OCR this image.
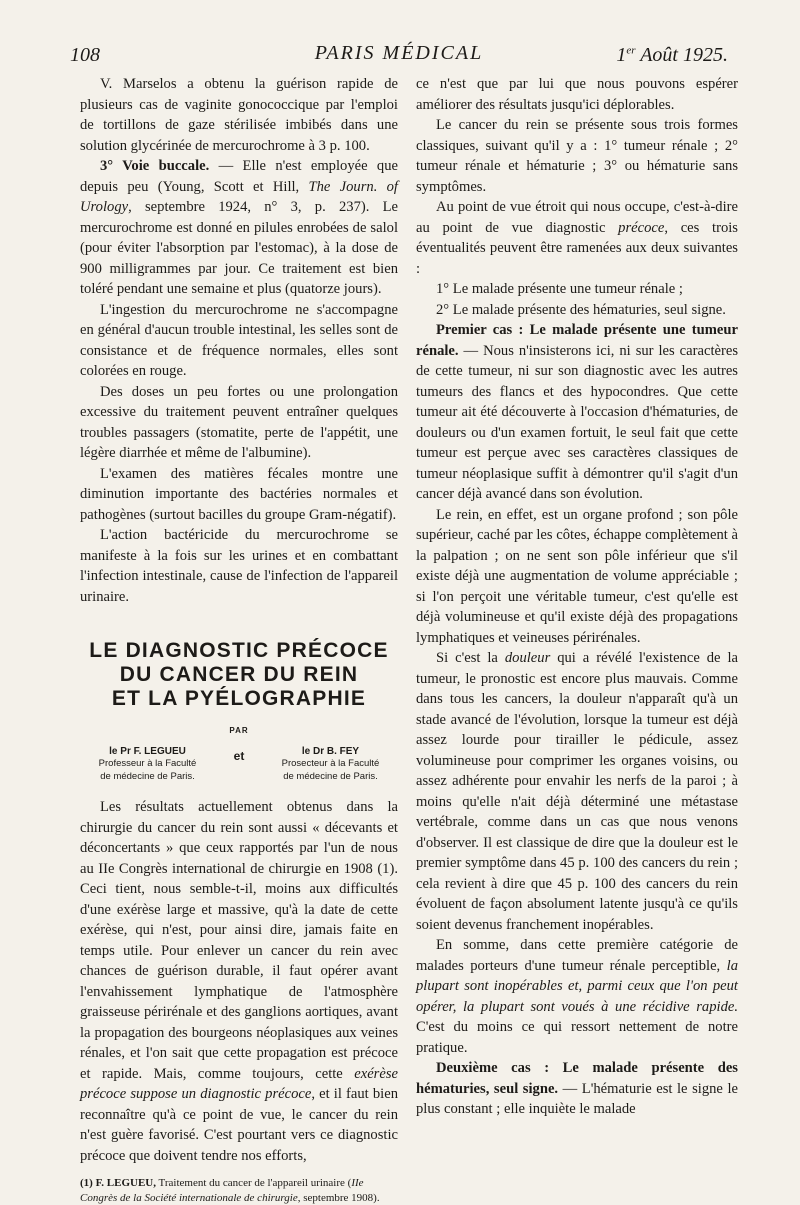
108	PARIS MÉDICAL	1er Août 1925.

V. Marselos a obtenu la guérison rapide de plusieurs cas de vaginite gonococcique par l'emploi de tortillons de gaze stérilisée imbibés dans une solution glycérinée de mercurochrome à 3 p. 100.

3° Voie buccale. — Elle n'est employée que depuis peu (Young, Scott et Hill, The Journ. of Urology, septembre 1924, n° 3, p. 237). Le mercurochrome est donné en pilules enrobées de salol (pour éviter l'absorption par l'estomac), à la dose de 900 milligrammes par jour. Ce traitement est bien toléré pendant une semaine et plus (quatorze jours).

L'ingestion du mercurochrome ne s'accompagne en général d'aucun trouble intestinal, les selles sont de consistance et de fréquence normales, elles sont colorées en rouge.

Des doses un peu fortes ou une prolongation excessive du traitement peuvent entraîner quelques troubles passagers (stomatite, perte de l'appétit, une légère diarrhée et même de l'albumine).

L'examen des matières fécales montre une diminution importante des bactéries normales et pathogènes (surtout bacilles du groupe Gram-négatif).

L'action bactéricide du mercurochrome se manifeste à la fois sur les urines et en combattant l'infection intestinale, cause de l'infection de l'appareil urinaire.

LE DIAGNOSTIC PRÉCOCE
DU CANCER DU REIN
ET LA PYÉLOGRAPHIE
PAR
le Pr F. LEGUEU
Professeur à la Faculté
de médecine de Paris.
et	le Dr B. FEY
Prosecteur à la Faculté
de médecine de Paris.

Les résultats actuellement obtenus dans la chirurgie du cancer du rein sont aussi « décevants et déconcertants » que ceux rapportés par l'un de nous au IIe Congrès international de chirurgie en 1908 (1). Ceci tient, nous semble-t-il, moins aux difficultés d'une exérèse large et massive, qu'à la date de cette exérèse, qui n'est, pour ainsi dire, jamais faite en temps utile. Pour enlever un cancer du rein avec chances de guérison durable, il faut opérer avant l'envahissement lymphatique de l'atmosphère graisseuse périrénale et des ganglions aortiques, avant la propagation des bourgeons néoplasiques aux veines rénales, et l'on sait que cette propagation est précoce et rapide. Mais, comme toujours, cette exérèse précoce suppose un diagnostic précoce, et il faut bien reconnaître qu'à ce point de vue, le cancer du rein n'est guère favorisé. C'est pourtant vers ce diagnostic précoce que doivent tendre nos efforts,

(1) F. LEGUEU, Traitement du cancer de l'appareil urinaire (IIe Congrès de la Société internationale de chirurgie, septembre 1908).

ce n'est que par lui que nous pouvons espérer améliorer des résultats jusqu'ici déplorables.

Le cancer du rein se présente sous trois formes classiques, suivant qu'il y a : 1° tumeur rénale ; 2° tumeur rénale et hématurie ; 3° ou hématurie sans symptômes.

Au point de vue étroit qui nous occupe, c'est-à-dire au point de vue diagnostic précoce, ces trois éventualités peuvent être ramenées aux deux suivantes :

1° Le malade présente une tumeur rénale ;

2° Le malade présente des hématuries, seul signe.

Premier cas : Le malade présente une tumeur rénale. — Nous n'insisterons ici, ni sur les caractères de cette tumeur, ni sur son diagnostic avec les autres tumeurs des flancs et des hypocondres. Que cette tumeur ait été découverte à l'occasion d'hématuries, de douleurs ou d'un examen fortuit, le seul fait que cette tumeur est perçue avec ses caractères classiques de tumeur néoplasique suffit à démontrer qu'il s'agit d'un cancer déjà avancé dans son évolution.

Le rein, en effet, est un organe profond ; son pôle supérieur, caché par les côtes, échappe complètement à la palpation ; on ne sent son pôle inférieur que s'il existe déjà une augmentation de volume appréciable ; si l'on perçoit une véritable tumeur, c'est qu'elle est déjà volumineuse et qu'il existe déjà des propagations lymphatiques et veineuses périrénales.

Si c'est la douleur qui a révélé l'existence de la tumeur, le pronostic est encore plus mauvais. Comme dans tous les cancers, la douleur n'apparaît qu'à un stade avancé de l'évolution, lorsque la tumeur est déjà assez lourde pour tirailler le pédicule, assez volumineuse pour comprimer les organes voisins, ou assez adhérente pour envahir les nerfs de la paroi ; à moins qu'elle n'ait déjà déterminé une métastase vertébrale, comme dans un cas que nous venons d'observer. Il est classique de dire que la douleur est le premier symptôme dans 45 p. 100 des cancers du rein ; cela revient à dire que 45 p. 100 des cancers du rein évoluent de façon absolument latente jusqu'à ce qu'ils soient devenus franchement inopérables.

En somme, dans cette première catégorie de malades porteurs d'une tumeur rénale perceptible, la plupart sont inopérables et, parmi ceux que l'on peut opérer, la plupart sont voués à une récidive rapide. C'est du moins ce qui ressort nettement de notre pratique.

Deuxième cas : Le malade présente des hématuries, seul signe. — L'hématurie est le signe le plus constant ; elle inquiète le malade
